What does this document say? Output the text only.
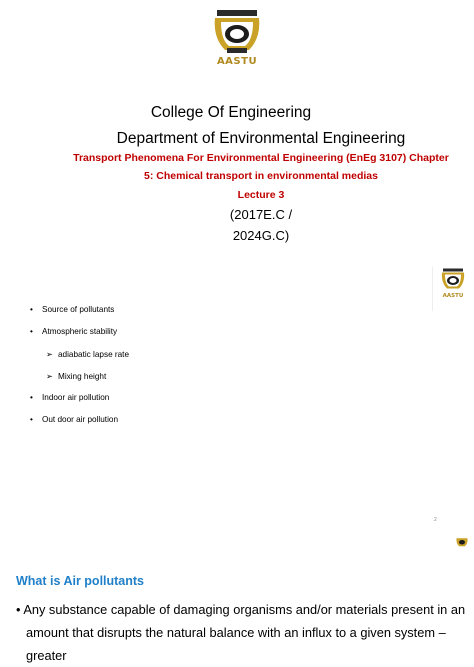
AASTU
College Of Engineering
Department of Environmental Engineering
Transport Phenomena For Environmental Engineering (EnEg 3107) Chapter
5: Chemical transport in environmental medias
Lecture 3
(2017E.C /
2024G.C)
AASTU
• Source of pollutants
• Atmospheric stability
➢ adiabatic lapse rate
➢ Mixing height
• Indoor air pollution
• Out door air pollution
2
What is Air pollutants
• Any substance capable of damaging organisms and/or materials present in an
amount that disrupts the natural balance with an influx to a given system – greater
